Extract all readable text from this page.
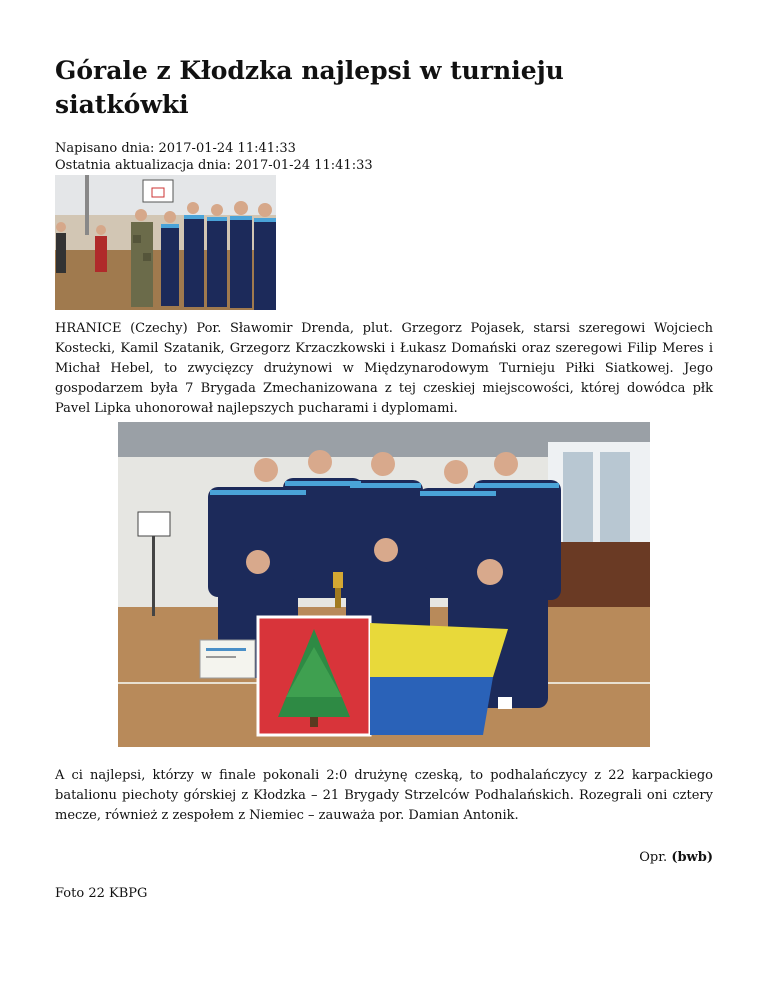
Górale z Kłodzka najlepsi w turnieju siatkówki
Napisano dnia: 2017-01-24 11:41:33
Ostatnia aktualizacja dnia: 2017-01-24 11:41:33

HRANICE (Czechy) Por. Sławomir Drenda, plut. Grzegorz Pojasek, starsi szeregowi Wojciech Kostecki, Kamil Szatanik, Grzegorz Krzaczkowski i Łukasz Domański oraz szeregowi Filip Meres i Michał Hebel, to zwycięzcy drużynowi w Międzynarodowym Turnieju Piłki Siatkowej. Jego gospodarzem była 7 Brygada Zmechanizowana z tej czeskiej miejscowości, której dowódca płk Pavel Lipka uhonorował najlepszych pucharami i dyplomami.

A ci najlepsi, którzy w finale pokonali 2:0 drużynę czeską, to podhalańczycy z 22 karpackiego batalionu piechoty górskiej z Kłodzka – 21 Brygady Strzelców Podhalańskich. Rozegrali oni cztery mecze, również z zespołem z Niemiec – zauważa por. Damian Antonik.

Opr. (bwb)
Foto 22 KBPG
